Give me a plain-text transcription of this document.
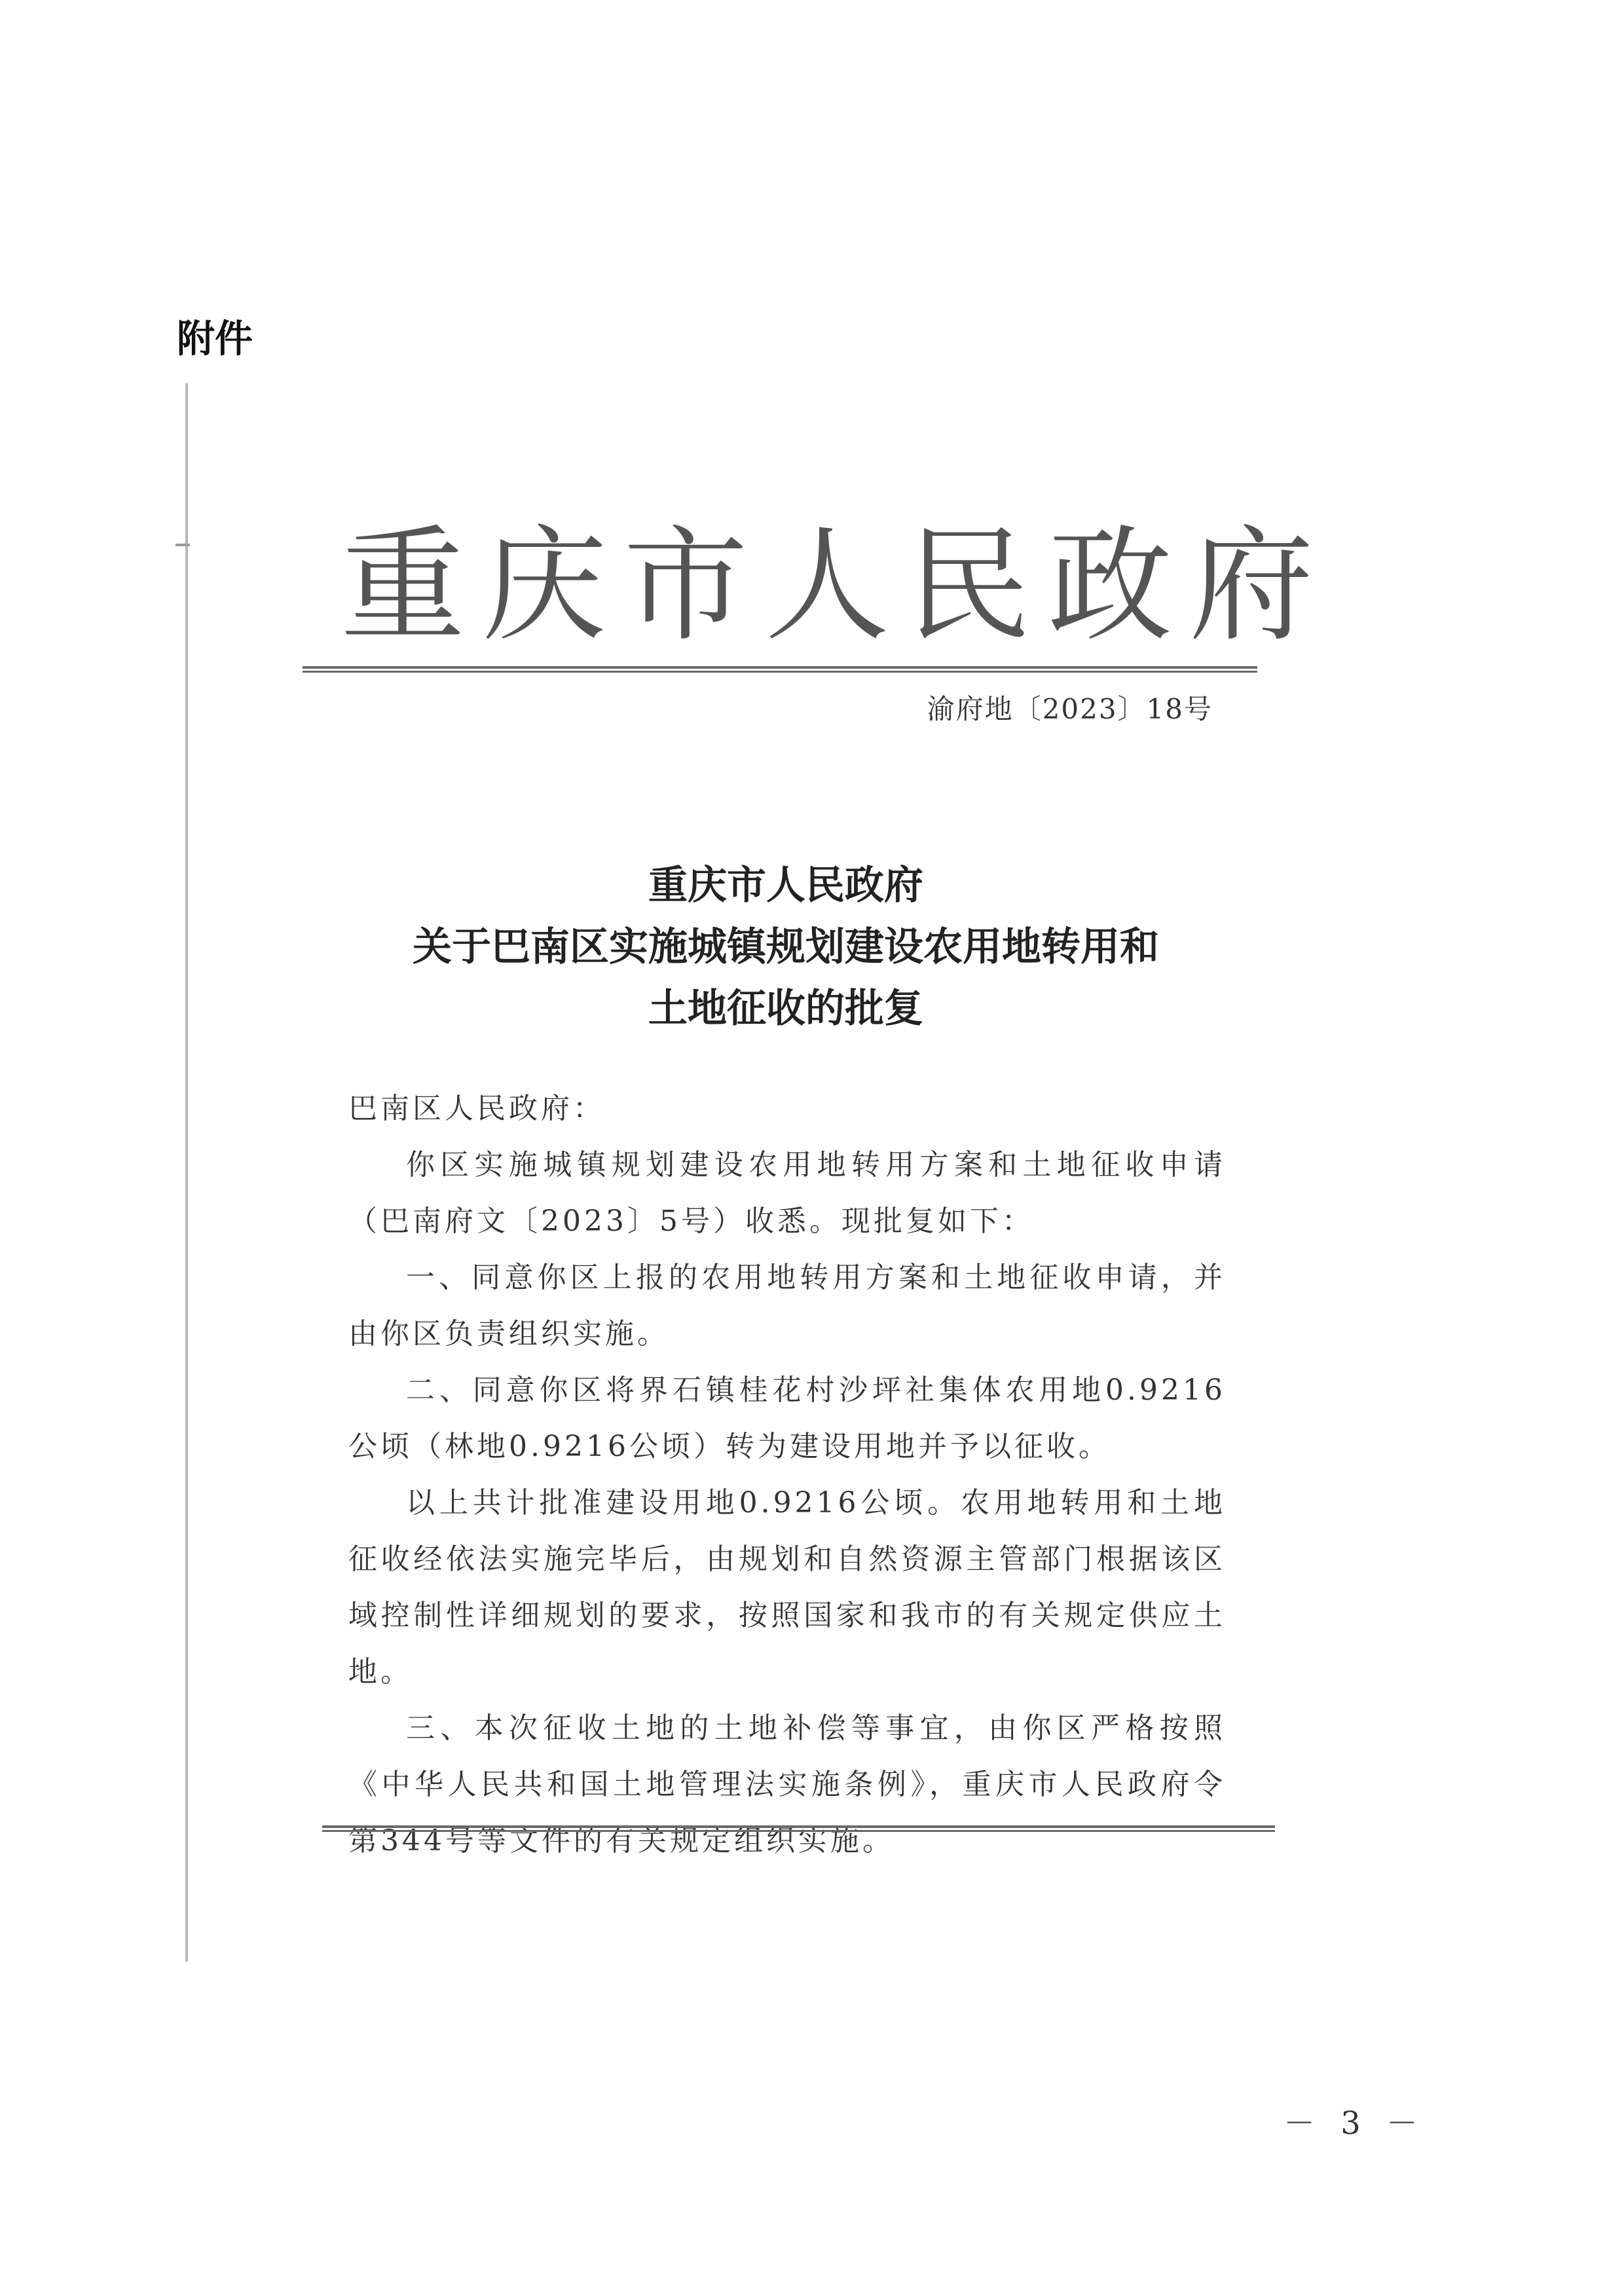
附件
重庆市人民政府
渝府地〔2023〕18号
重庆市人民政府
关于巴南区实施城镇规划建设农用地转用和
土地征收的批复

巴南区人民政府：

你区实施城镇规划建设农用地转用方案和土地征收申请（巴南府文〔2023〕5号）收悉。现批复如下：

一、同意你区上报的农用地转用方案和土地征收申请，并由你区负责组织实施。

二、同意你区将界石镇桂花村沙坪社集体农用地0.9216公顷（林地0.9216公顷）转为建设用地并予以征收。

以上共计批准建设用地0.9216公顷。农用地转用和土地征收经依法实施完毕后，由规划和自然资源主管部门根据该区域控制性详细规划的要求，按照国家和我市的有关规定供应土地。

三、本次征收土地的土地补偿等事宜，由你区严格按照《中华人民共和国土地管理法实施条例》，重庆市人民政府令第344号等文件的有关规定组织实施。

－ 3 －
